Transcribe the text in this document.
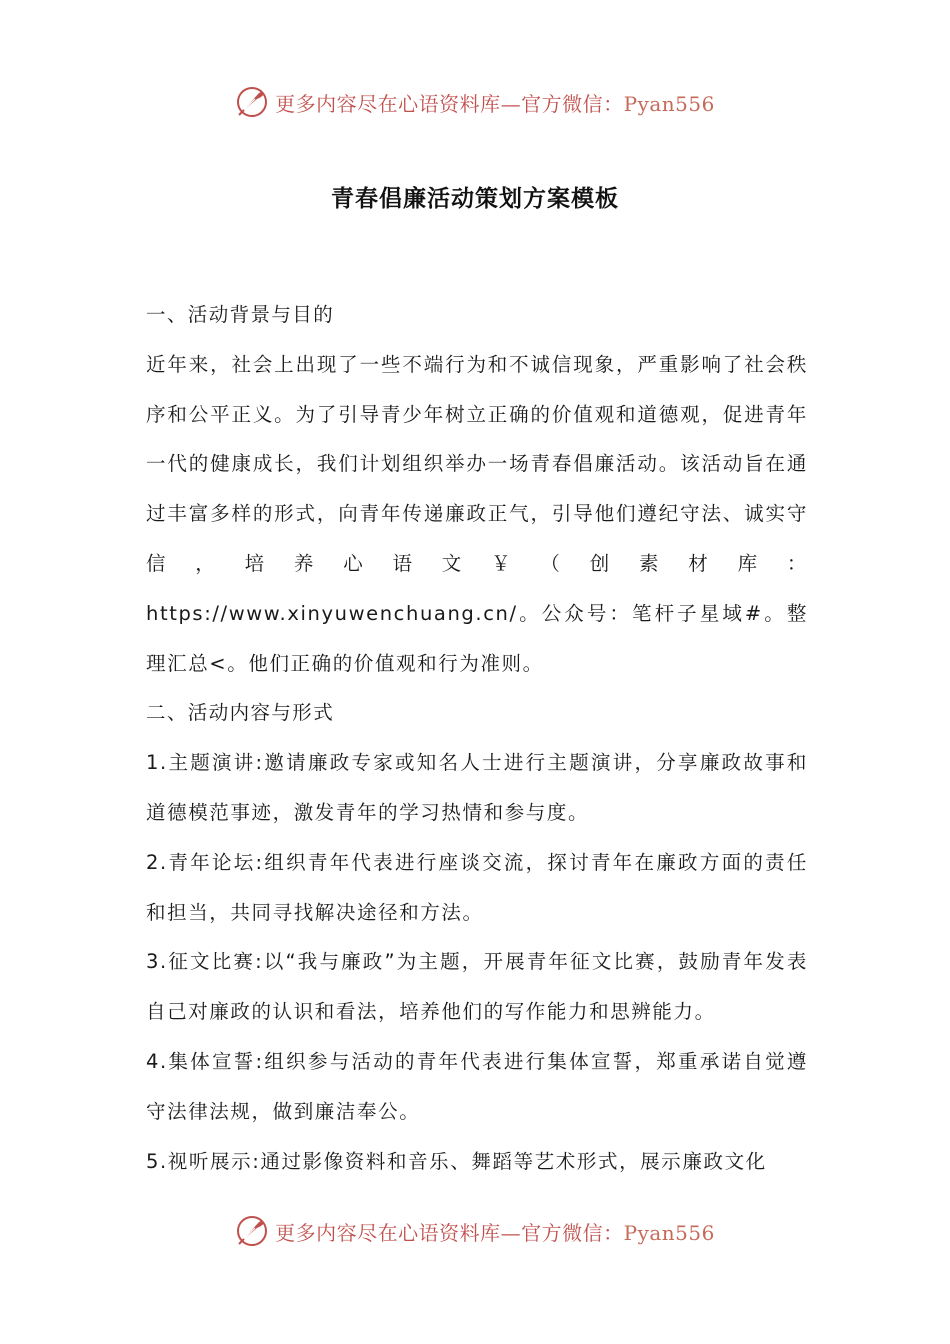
更多内容尽在心语资料库—官方微信：Pyan556
青春倡廉活动策划方案模板

一、活动背景与目的

近年来，社会上出现了一些不端行为和不诚信现象，严重影响了社会秩序和公平正义。为了引导青少年树立正确的价值观和道德观，促进青年一代的健康成长，我们计划组织举办一场青春倡廉活动。该活动旨在通过丰富多样的形式，向青年传递廉政正气，引导他们遵纪守法、诚实守信，培养心语文￥（创素材库：https://www.xinyuwenchuang.cn/。公众号：笔杆子星域#。整理汇总<。他们正确的价值观和行为准则。

二、活动内容与形式

1.主题演讲:邀请廉政专家或知名人士进行主题演讲，分享廉政故事和道德模范事迹，激发青年的学习热情和参与度。

2.青年论坛:组织青年代表进行座谈交流，探讨青年在廉政方面的责任和担当，共同寻找解决途径和方法。

3.征文比赛:以“我与廉政”为主题，开展青年征文比赛，鼓励青年发表自己对廉政的认识和看法，培养他们的写作能力和思辨能力。

4.集体宣誓:组织参与活动的青年代表进行集体宣誓，郑重承诺自觉遵守法律法规，做到廉洁奉公。

5.视听展示:通过影像资料和音乐、舞蹈等艺术形式，展示廉政文化

更多内容尽在心语资料库—官方微信：Pyan556
